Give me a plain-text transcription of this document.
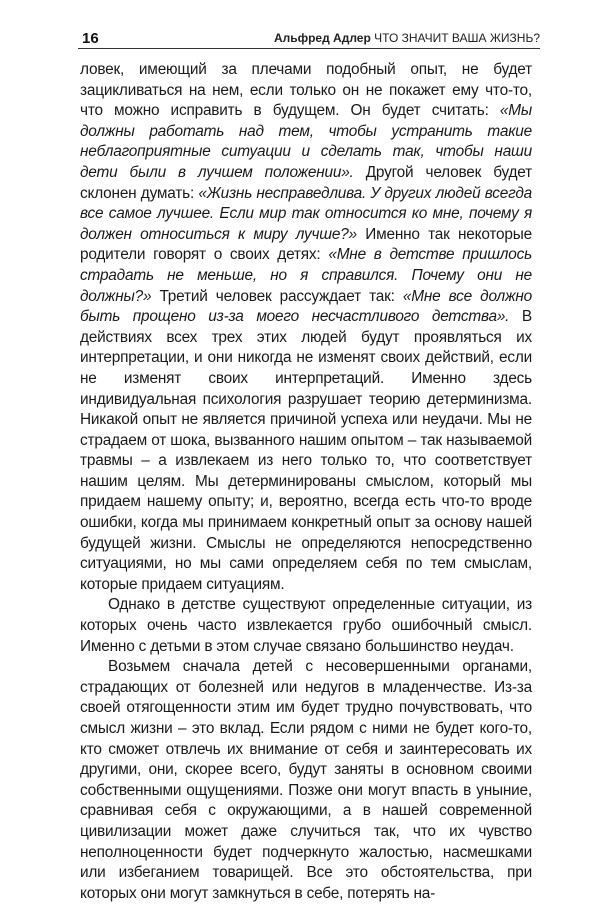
16	Альфред Адлер ЧТО ЗНАЧИТ ВАША ЖИЗНЬ?

ловек, имеющий за плечами подобный опыт, не будет зацикливаться на нем, если только он не покажет ему что-то, что можно исправить в будущем. Он будет считать: «Мы должны работать над тем, чтобы устранить такие неблагоприятные ситуации и сделать так, чтобы наши дети были в лучшем положении». Другой человек будет склонен думать: «Жизнь несправедлива. У других людей всегда все самое лучшее. Если мир так относится ко мне, почему я должен относиться к миру лучше?» Именно так некоторые родители говорят о своих детях: «Мне в детстве пришлось страдать не меньше, но я справился. Почему они не должны?» Третий человек рассуждает так: «Мне все должно быть прощено из-за моего несчастливого детства». В действиях всех трех этих людей будут проявляться их интерпретации, и они никогда не изменят своих действий, если не изменят своих интерпретаций. Именно здесь индивидуальная психология разрушает теорию детерминизма. Никакой опыт не является причиной успеха или неудачи. Мы не страдаем от шока, вызванного нашим опытом – так называемой травмы – а извлекаем из него только то, что соответствует нашим целям. Мы детерминированы смыслом, который мы придаем нашему опыту; и, вероятно, всегда есть что-то вроде ошибки, когда мы принимаем конкретный опыт за основу нашей будущей жизни. Смыслы не определяются непосредственно ситуациями, но мы сами определяем себя по тем смыслам, которые придаем ситуациям.

Однако в детстве существуют определенные ситуации, из которых очень часто извлекается грубо ошибочный смысл. Именно с детьми в этом случае связано большинство неудач.

Возьмем сначала детей с несовершенными органами, страдающих от болезней или недугов в младенчестве. Из-за своей отягощенности этим им будет трудно почувствовать, что смысл жизни – это вклад. Если рядом с ними не будет кого-то, кто сможет отвлечь их внимание от себя и заинтересовать их другими, они, скорее всего, будут заняты в основном своими собственными ощущениями. Позже они могут впасть в уныние, сравнивая себя с окружающими, а в нашей современной цивилизации может даже случиться так, что их чувство неполноценности будет подчеркнуто жалостью, насмешками или избеганием товарищей. Все это обстоятельства, при которых они могут замкнуться в себе, потерять на-
